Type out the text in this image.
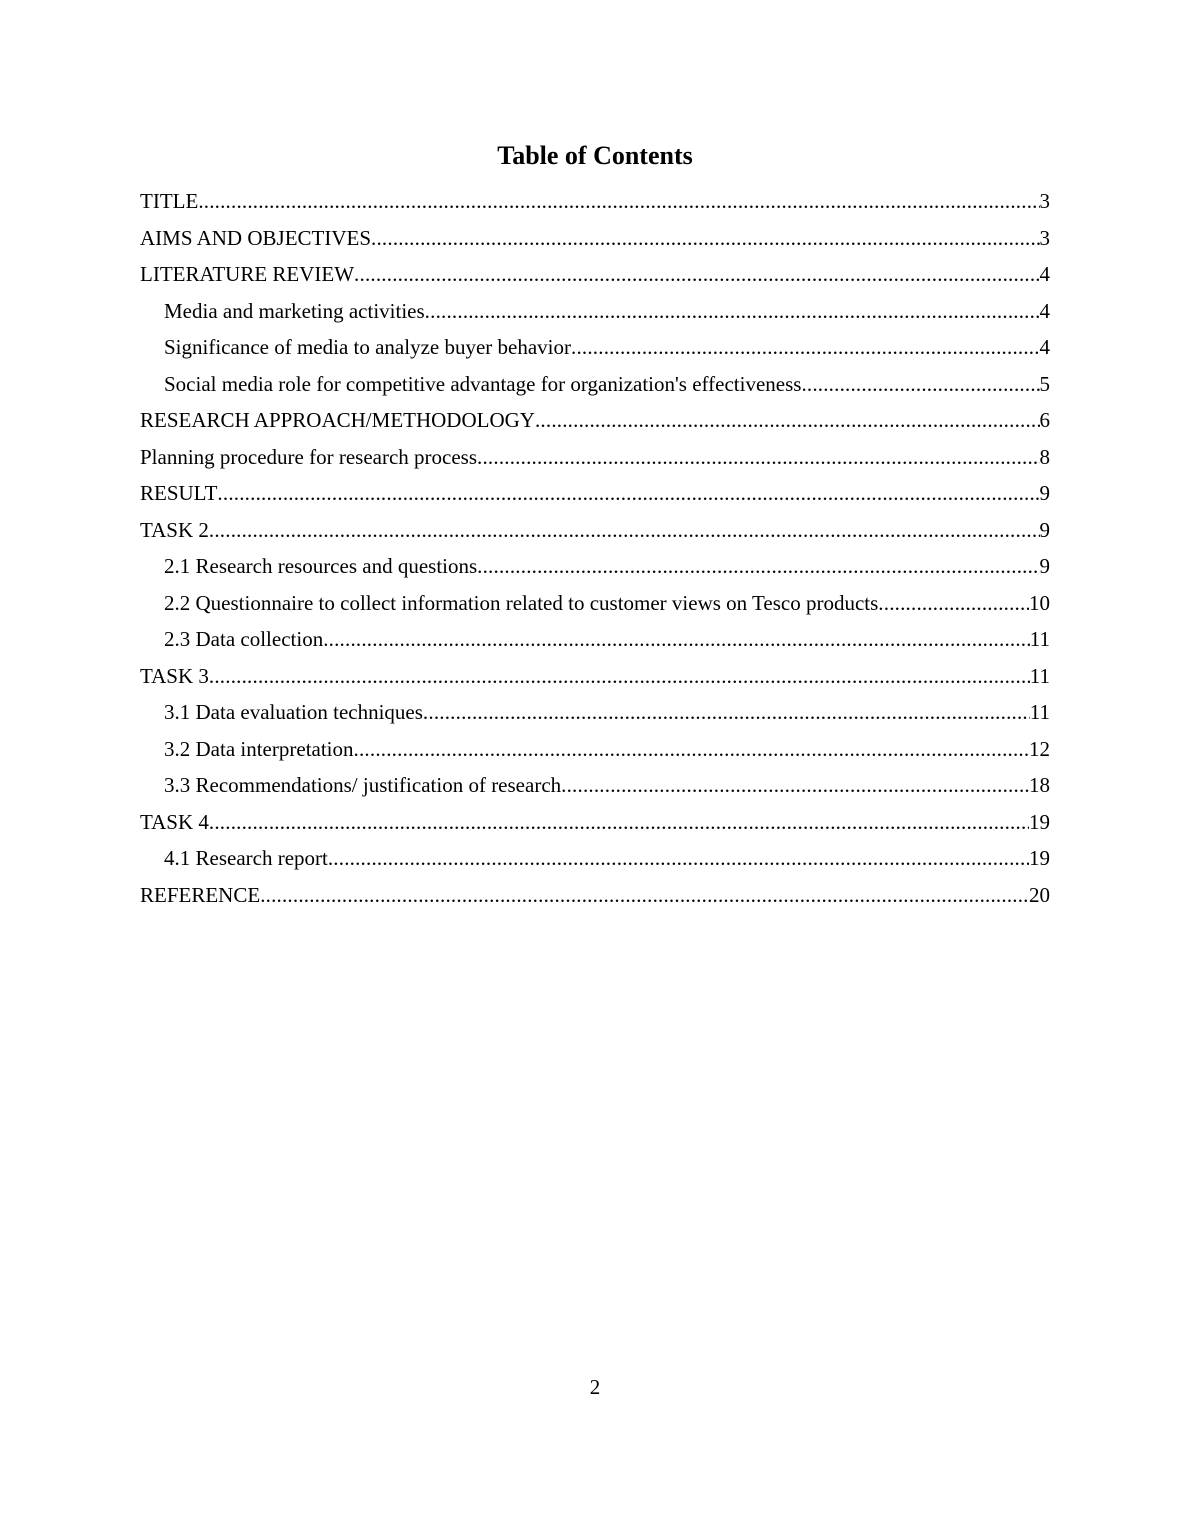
Table of Contents
TITLE .....	3
AIMS AND OBJECTIVES .....	3
LITERATURE REVIEW .....	4
Media and marketing activities .....	4
Significance of media to analyze buyer behavior .....	4
Social media role for competitive advantage for organization's effectiveness .....	5
RESEARCH APPROACH/METHODOLOGY .....	6
Planning procedure for research process .....	8
RESULT .....	9
TASK 2 .....	9
2.1 Research resources and questions .....	9
2.2 Questionnaire to collect information related to customer views on Tesco products .....	10
2.3 Data collection .....	11
TASK 3 .....	11
3.1 Data evaluation techniques .....	11
3.2 Data interpretation .....	12
3.3 Recommendations/ justification of research .....	18
TASK 4 .....	19
4.1 Research report .....	19
REFERENCE .....	20
2
